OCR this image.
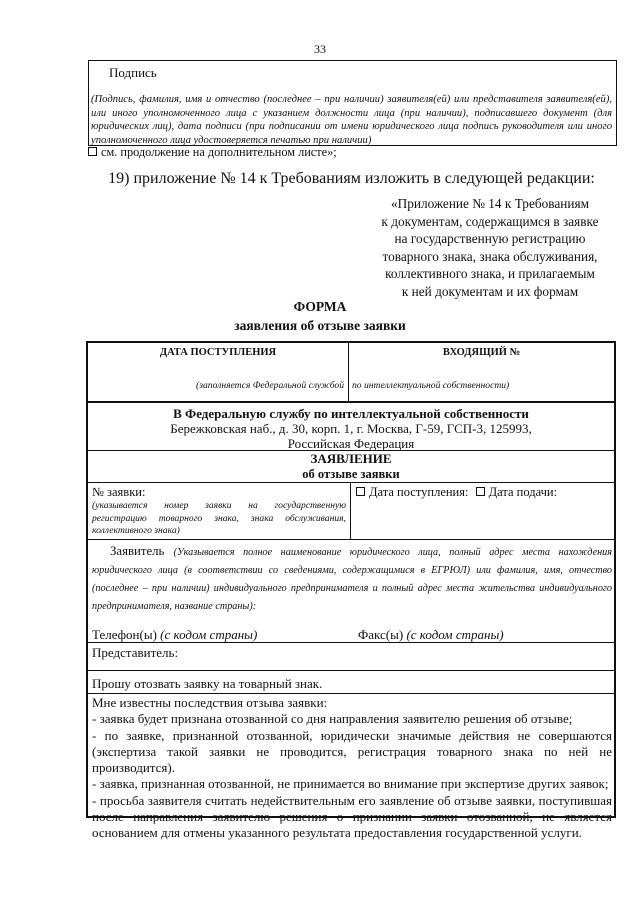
33
Подпись
(Подпись, фамилия, имя и отчество (последнее – при наличии) заявителя(ей) или представителя заявителя(ей), или иного уполномоченного лица с указанием должности лица (при наличии), подписавшего документ (для юридических лиц), дата подписи (при подписании от имени юридического лица подпись руководителя или иного уполномоченного лица удостоверяется печатью при наличии)
см. продолжение на дополнительном листе»;
19) приложение № 14 к Требованиям изложить в следующей редакции:
«Приложение № 14 к Требованиям
к документам, содержащимся в заявке
на государственную регистрацию
товарного знака, знака обслуживания,
коллективного знака, и прилагаемым
к ней документам и их формам
ФОРМА
заявления об отзыве заявки
ДАТА ПОСТУПЛЕНИЯ	ВХОДЯЩИЙ №
(заполняется Федеральной службой по интеллектуальной собственности)
В Федеральную службу по интеллектуальной собственности
Бережковская наб., д. 30, корп. 1, г. Москва, Г-59, ГСП-3, 125993,
Российская Федерация
ЗАЯВЛЕНИЕ
об отзыве заявки
№ заявки:
(указывается номер заявки на государственную регистрацию товарного знака, знака обслуживания, коллективного знака)
Дата поступления: Дата подачи:
Заявитель (Указывается полное наименование юридического лица, полный адрес места нахождения юридического лица (в соответствии со сведениями, содержащимися в ЕГРЮЛ) или фамилия, имя, отчество (последнее – при наличии) индивидуального предпринимателя и полный адрес места жительства индивидуального предпринимателя, название страны):
Телефон(ы) (с кодом страны)	Факс(ы) (с кодом страны)
Представитель:
Прошу отозвать заявку на товарный знак.
Мне известны последствия отзыва заявки:
- заявка будет признана отозванной со дня направления заявителю решения об отзыве;
- по заявке, признанной отозванной, юридически значимые действия не совершаются (экспертиза такой заявки не проводится, регистрация товарного знака по ней не производится).
- заявка, признанная отозванной, не принимается во внимание при экспертизе других заявок;
- просьба заявителя считать недействительным его заявление об отзыве заявки, поступившая после направления заявителю решения о признании заявки отозванной, не является основанием для отмены указанного результата предоставления государственной услуги.
